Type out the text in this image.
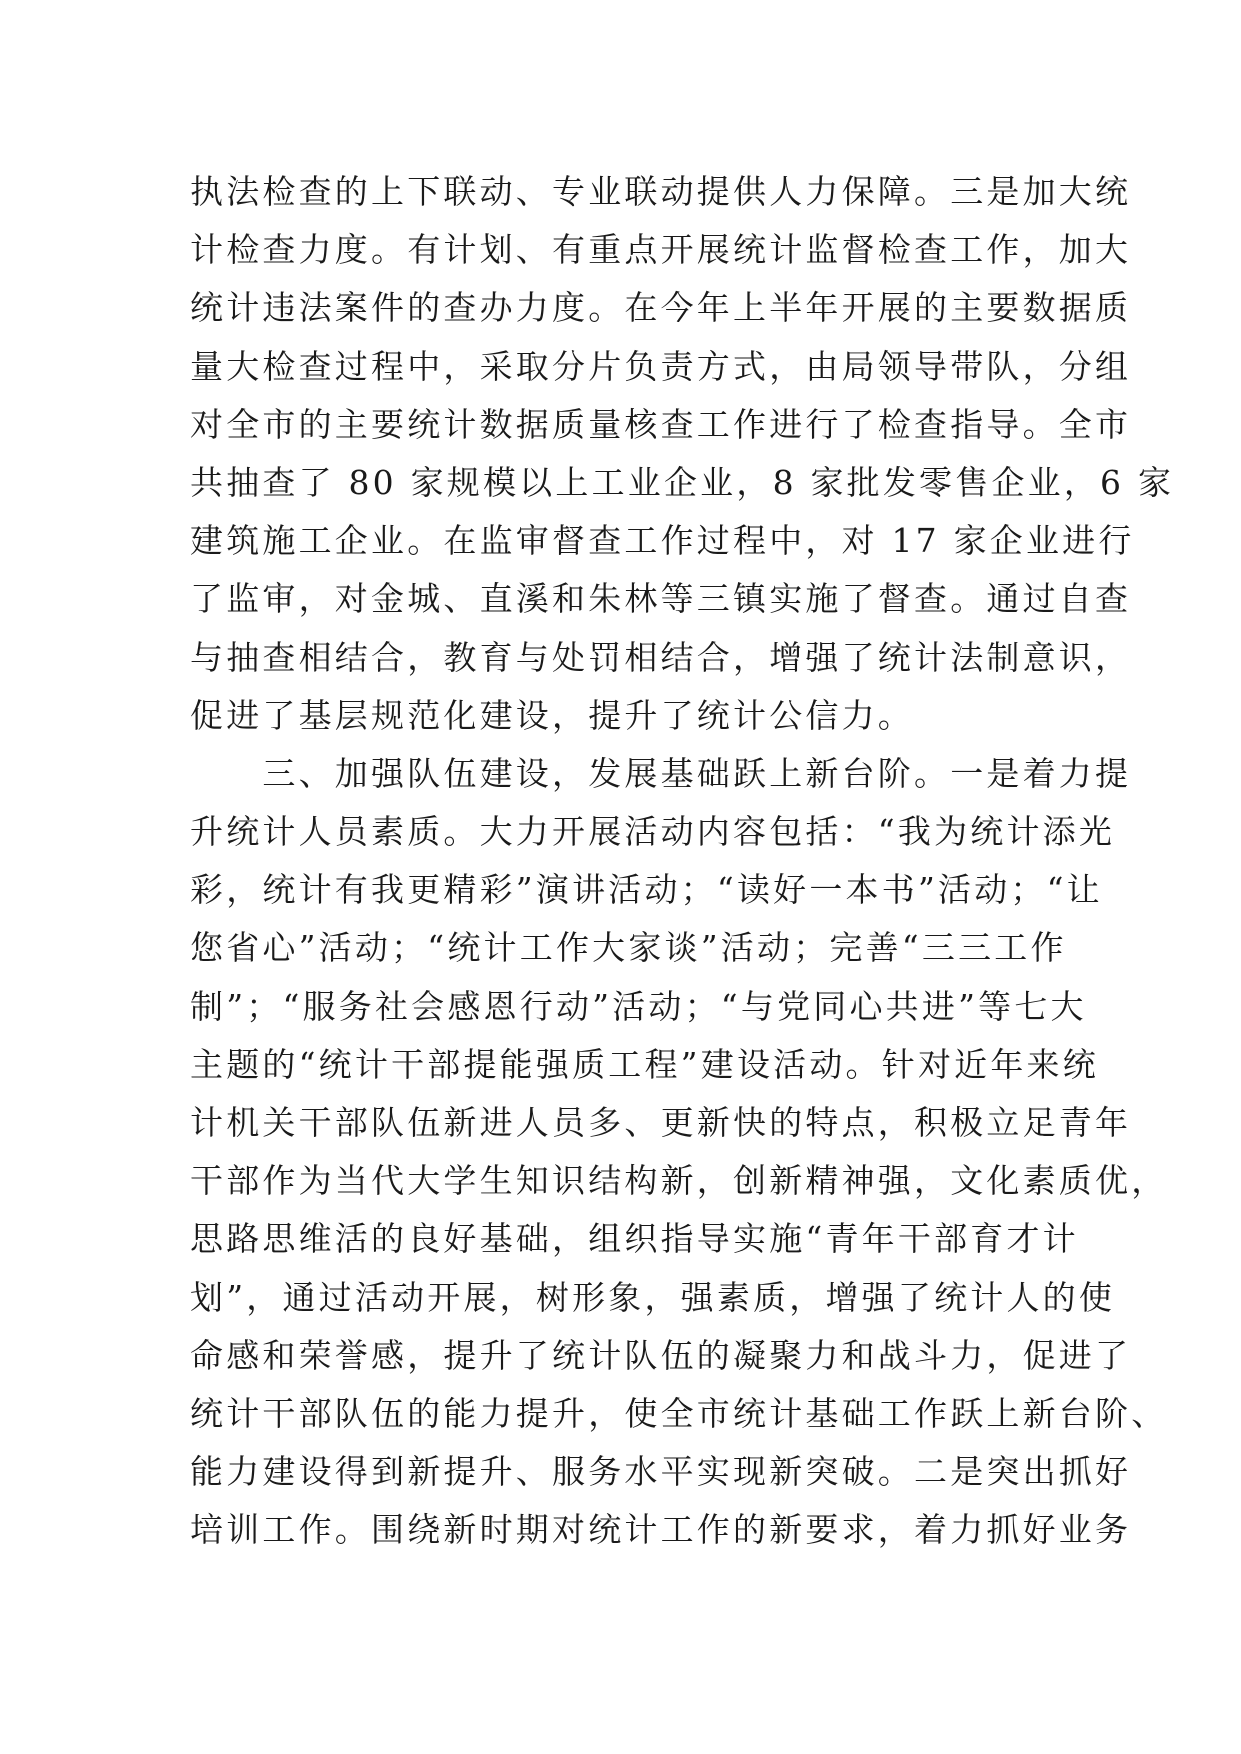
执法检查的上下联动、专业联动提供人力保障。三是加大统
计检查力度。有计划、有重点开展统计监督检查工作，加大
统计违法案件的查办力度。在今年上半年开展的主要数据质
量大检查过程中，采取分片负责方式，由局领导带队，分组
对全市的主要统计数据质量核查工作进行了检查指导。全市
共抽查了 80 家规模以上工业企业，8 家批发零售企业，6 家
建筑施工企业。在监审督查工作过程中，对 17 家企业进行
了监审，对金城、直溪和朱林等三镇实施了督查。通过自查
与抽查相结合，教育与处罚相结合，增强了统计法制意识，
促进了基层规范化建设，提升了统计公信力。
　　三、加强队伍建设，发展基础跃上新台阶。一是着力提
升统计人员素质。大力开展活动内容包括：“我为统计添光
彩，统计有我更精彩”演讲活动；“读好一本书”活动；“让
您省心”活动；“统计工作大家谈”活动；完善“三三工作
制”；“服务社会感恩行动”活动；“与党同心共进”等七大
主题的“统计干部提能强质工程”建设活动。针对近年来统
计机关干部队伍新进人员多、更新快的特点，积极立足青年
干部作为当代大学生知识结构新，创新精神强，文化素质优，
思路思维活的良好基础，组织指导实施“青年干部育才计
划”，通过活动开展，树形象，强素质，增强了统计人的使
命感和荣誉感，提升了统计队伍的凝聚力和战斗力，促进了
统计干部队伍的能力提升，使全市统计基础工作跃上新台阶、
能力建设得到新提升、服务水平实现新突破。二是突出抓好
培训工作。围绕新时期对统计工作的新要求，着力抓好业务
